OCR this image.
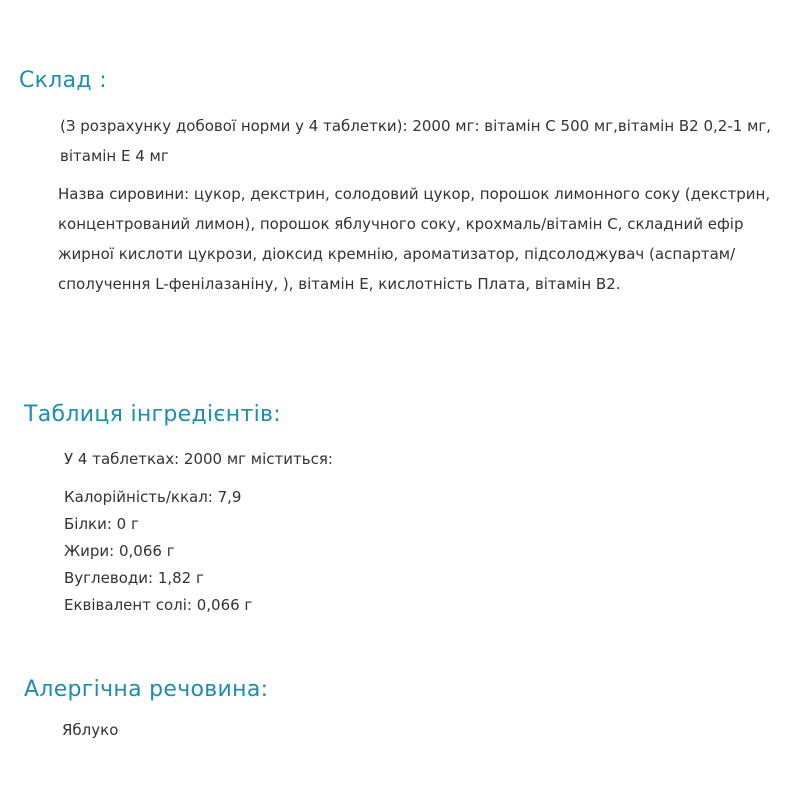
Склад :

(З розрахунку добової норми у 4 таблетки): 2000 мг: вітамін С 500 мг,вітамін В2 0,2-1 мг, вітамін Е 4 мг

Назва сировини: цукор, декстрин, солодовий цукор, порошок лимонного соку (декстрин, концентрований лимон), порошок яблучного соку, крохмаль/вітамін С, складний ефір жирної кислоти цукрози, діоксид кремнію, ароматизатор, підсолоджувач (аспартам/сполучення L-фенілазаніну, ), вітамін Е, кислотність Плата, вітамін В2.

Таблиця інгредієнтів:

У 4 таблетках: 2000 мг міститься:

Калорійність/ккал: 7,9
Білки: 0 г
Жири: 0,066 г
Вуглеводи: 1,82 г
Еквівалент солі: 0,066 г
Алергічна речовина:

Яблуко
